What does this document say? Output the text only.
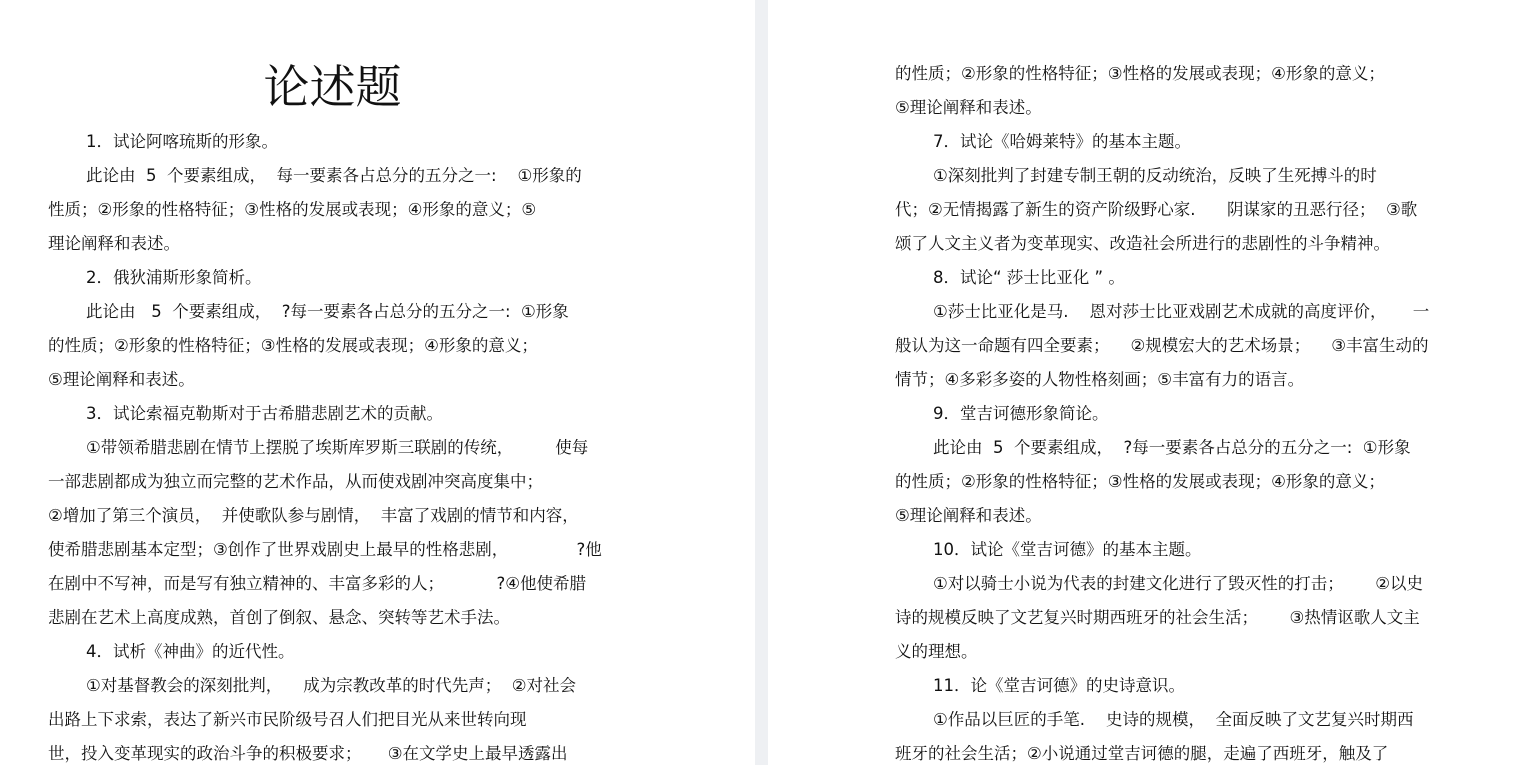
论述题
1．试论阿喀琉斯的形象。
此论由  5  个要素组成，  每一要素各占总分的五分之一:    ①形象的
性质；②形象的性格特征；③性格的发展或表现；④形象的意义；⑤
理论阐释和表述。
2．俄狄浦斯形象简析。
此论由   5  个要素组成，  ?每一要素各占总分的五分之一:  ①形象
的性质；②形象的性格特征；③性格的发展或表现；④形象的意义；
⑤理论阐释和表述。
3．试论索福克勒斯对于古希腊悲剧艺术的贡献。
①带领希腊悲剧在情节上摆脱了埃斯库罗斯三联剧的传统，        使每
一部悲剧都成为独立而完整的艺术作品，从而使戏剧冲突高度集中；
②增加了第三个演员，  并使歌队参与剧情，  丰富了戏剧的情节和内容，
使希腊悲剧基本定型；③创作了世界戏剧史上最早的性格悲剧，             ?他
在剧中不写神，而是写有独立精神的、丰富多彩的人；          ?④他使希腊
悲剧在艺术上高度成熟，首创了倒叙、悬念、突转等艺术手法。
4．试析《神曲》的近代性。
①对基督教会的深刻批判，    成为宗教改革的时代先声；  ②对社会
出路上下求索，表达了新兴市民阶级号召人们把目光从来世转向现
世，投入变革现实的政治斗争的积极要求；     ③在文学史上最早透露出
的性质；②形象的性格特征；③性格的发展或表现；④形象的意义；
⑤理论阐释和表述。
7．试论《哈姆莱特》的基本主题。
①深刻批判了封建专制王朝的反动统治，反映了生死搏斗的时
代；②无情揭露了新生的资产阶级野心家.      阴谋家的丑恶行径；  ③歌
颂了人文主义者为变革现实、改造社会所进行的悲剧性的斗争精神。
8．试论“ 莎士比亚化 ” 。
①莎士比亚化是马.    恩对莎士比亚戏剧艺术成就的高度评价，     一
般认为这一命题有四全要素；    ②规模宏大的艺术场景；    ③丰富生动的
情节；④多彩多姿的人物性格刻画；⑤丰富有力的语言。
9．堂吉诃德形象简论。
此论由  5  个要素组成，  ?每一要素各占总分的五分之一:  ①形象
的性质；②形象的性格特征；③性格的发展或表现；④形象的意义；
⑤理论阐释和表述。
10．试论《堂吉诃德》的基本主题。
①对以骑士小说为代表的封建文化进行了毁灭性的打击；      ②以史
诗的规模反映了文艺复兴时期西班牙的社会生活；      ③热情讴歌人文主
义的理想。
11．论《堂吉诃德》的史诗意识。
①作品以巨匠的手笔.    史诗的规模，  全面反映了文艺复兴时期西
班牙的社会生活；②小说通过堂吉诃德的腿，走遍了西班牙，触及了
